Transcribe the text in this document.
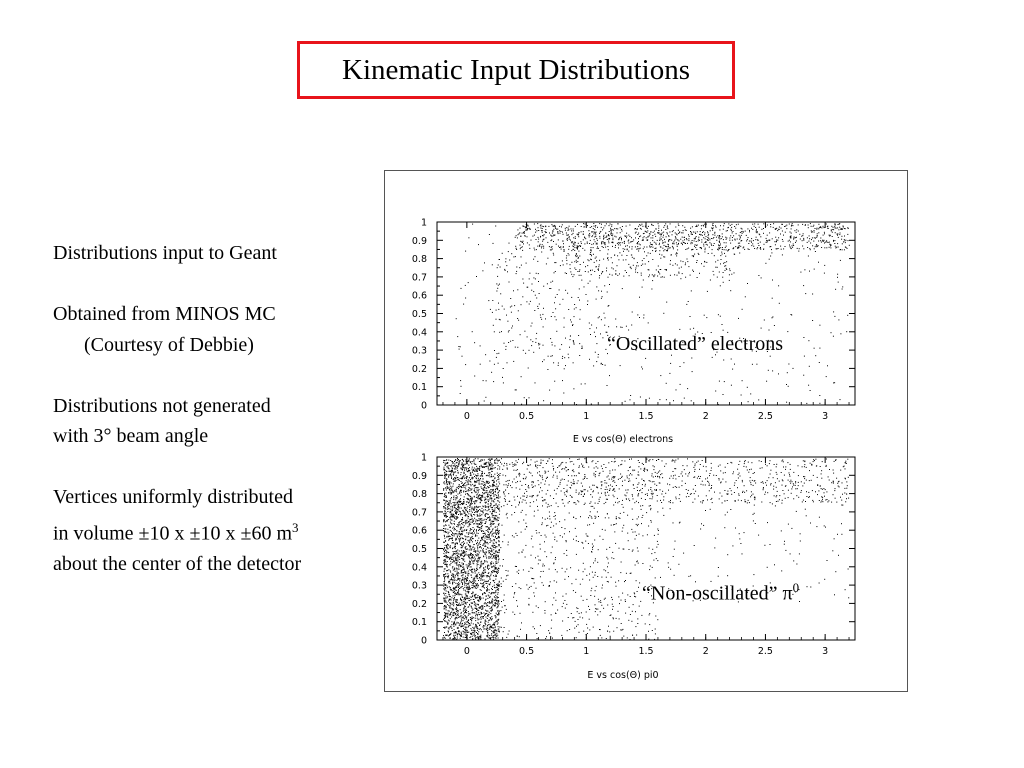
Kinematic Input Distributions

Distributions input to Geant

Obtained from MINOS MC

(Courtesy of Debbie)

Distributions not generated

with 3° beam angle

Vertices uniformly distributed

in volume ±10 x ±10 x ±60 $m^3$

about the center of the detector

0
0.1
0.2
0.3
0.4
0.5
0.6
0.7
0.8
0.9
1
0	0.5	1	1.5	2	2.5	3
E vs cos(Θ) electrons
0
0.1
0.2
0.3
0.4
0.5
0.6
0.7
0.8
0.9
1
0	0.5	1	1.5	2	2.5	3
E vs cos(Θ) pi0
“Oscillated” electrons
“Non-oscillated” $\pi^0$
